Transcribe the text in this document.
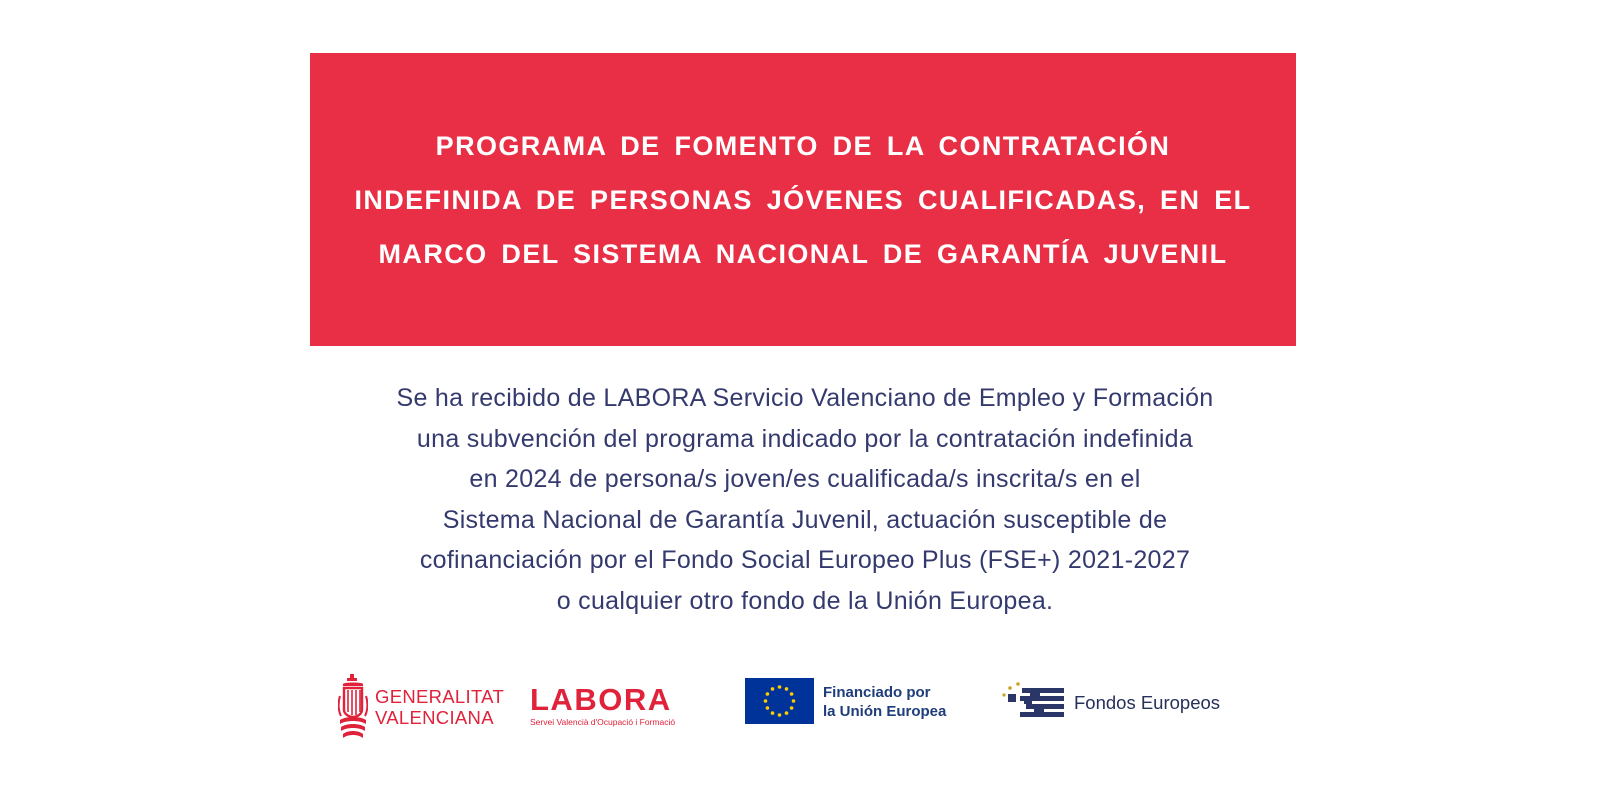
PROGRAMA DE FOMENTO DE LA CONTRATACIÓN
INDEFINIDA DE PERSONAS JÓVENES CUALIFICADAS, EN EL
MARCO DEL SISTEMA NACIONAL DE GARANTÍA JUVENIL
Se ha recibido de LABORA Servicio Valenciano de Empleo y Formación
una subvención del programa indicado por la contratación indefinida
en 2024 de persona/s joven/es cualificada/s inscrita/s en el
Sistema Nacional de Garantía Juvenil, actuación susceptible de
cofinanciación por el Fondo Social Europeo Plus (FSE+) 2021-2027
o cualquier otro fondo de la Unión Europea.
GENERALITAT
VALENCIANA
LABORA
Servei Valencià d'Ocupació i Formació
Financiado por
la Unión Europea	Fondos Europeos
